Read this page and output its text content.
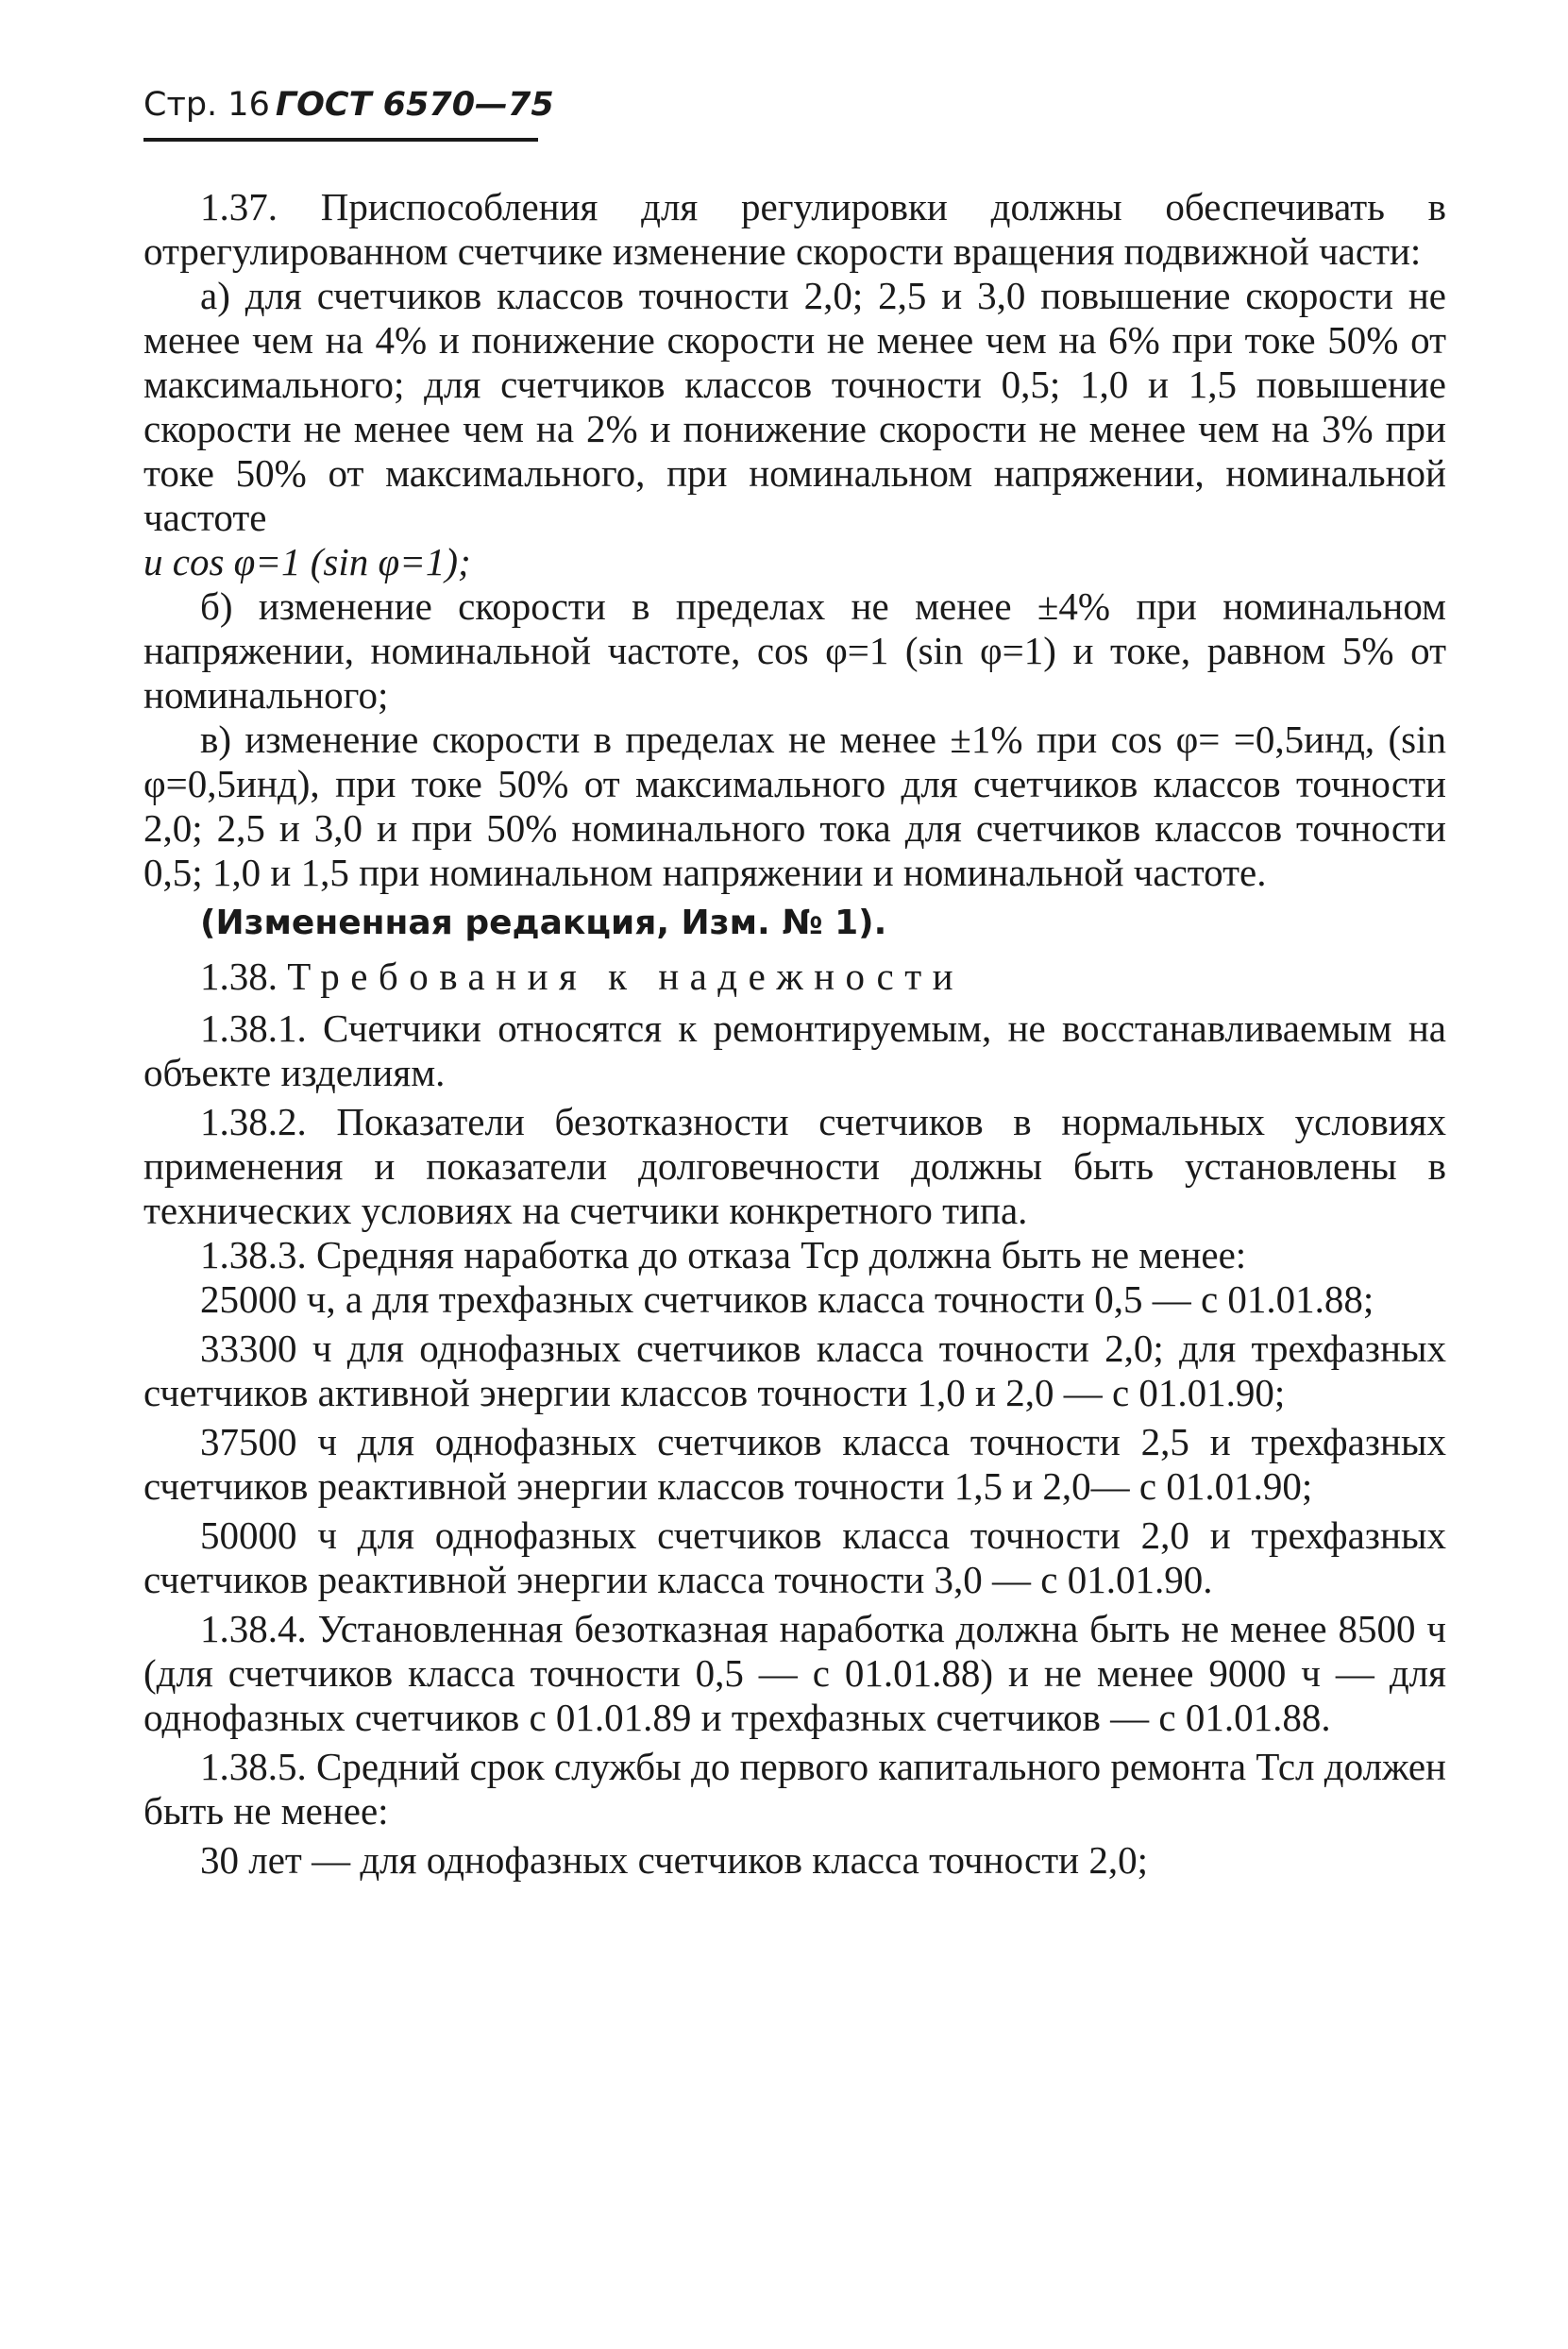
Стр. 16 ГОСТ 6570—75

1.37. Приспособления для регулировки должны обеспечивать в отрегулированном счетчике изменение скорости вращения подвижной части:

а) для счетчиков классов точности 2,0; 2,5 и 3,0 повышение скорости не менее чем на 4% и понижение скорости не менее чем на 6% при токе 50% от максимального; для счетчиков классов точности 0,5; 1,0 и 1,5 повышение скорости не менее чем на 2% и понижение скорости не менее чем на 3% при токе 50% от максимального, при номинальном напряжении, номинальной частоте
и cos φ=1 (sin φ=1);

б) изменение скорости в пределах не менее ±4% при номинальном напряжении, номинальной частоте, cos φ=1 (sin φ=1) и токе, равном 5% от номинального;

в) изменение скорости в пределах не менее ±1% при cos φ= =0,5инд, (sin φ=0,5инд), при токе 50% от максимального для счетчиков классов точности 2,0; 2,5 и 3,0 и при 50% номинального тока для счетчиков классов точности 0,5; 1,0 и 1,5 при номинальном напряжении и номинальной частоте.

(Измененная редакция, Изм. № 1).

1.38. Требования к надежности

1.38.1. Счетчики относятся к ремонтируемым, не восстанавливаемым на объекте изделиям.

1.38.2. Показатели безотказности счетчиков в нормальных условиях применения и показатели долговечности должны быть установлены в технических условиях на счетчики конкретного типа.

1.38.3. Средняя наработка до отказа Тср должна быть не менее:

25000 ч, а для трехфазных счетчиков класса точности 0,5 — с 01.01.88;

33300 ч для однофазных счетчиков класса точности 2,0; для трехфазных счетчиков активной энергии классов точности 1,0 и 2,0 — с 01.01.90;

37500 ч для однофазных счетчиков класса точности 2,5 и трехфазных счетчиков реактивной энергии классов точности 1,5 и 2,0— с 01.01.90;

50000 ч для однофазных счетчиков класса точности 2,0 и трехфазных счетчиков реактивной энергии класса точности 3,0 — с 01.01.90.

1.38.4. Установленная безотказная наработка должна быть не менее 8500 ч (для счетчиков класса точности 0,5 — с 01.01.88) и не менее 9000 ч — для однофазных счетчиков с 01.01.89 и трехфазных счетчиков — с 01.01.88.

1.38.5. Средний срок службы до первого капитального ремонта Тсл должен быть не менее:

30 лет — для однофазных счетчиков класса точности 2,0;
